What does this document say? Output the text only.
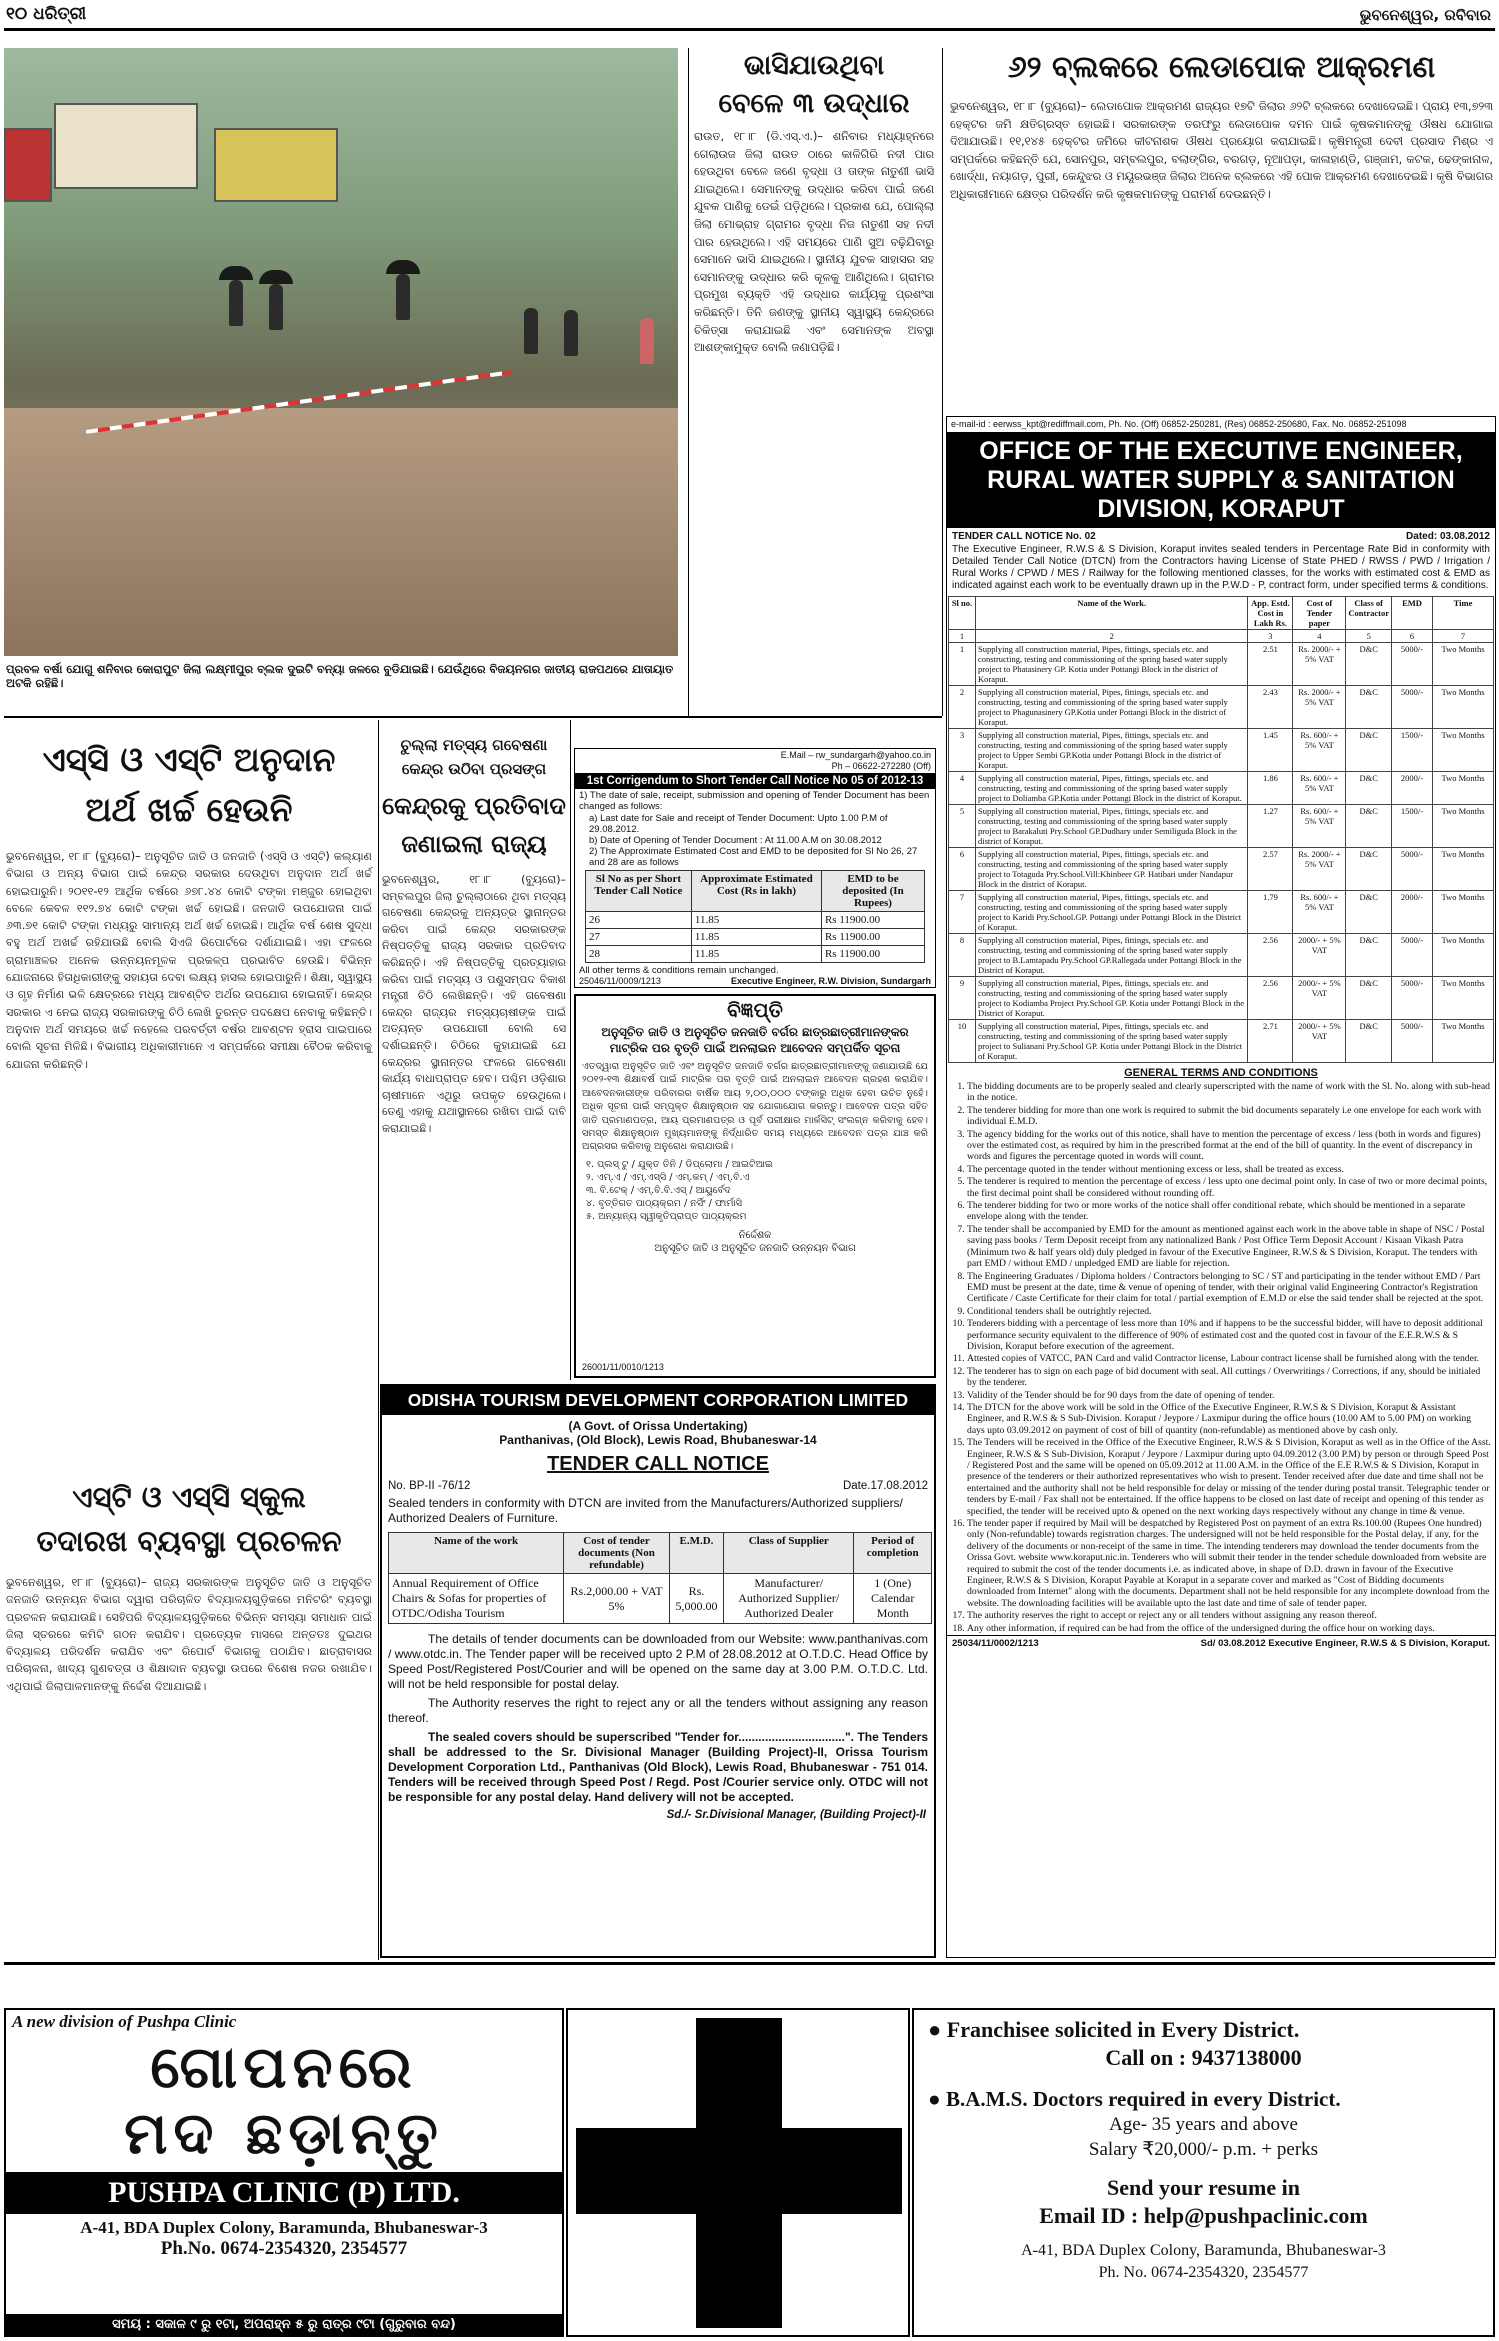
୧୦ ଧରିତ୍ରୀ	ଭୁବନେଶ୍ୱର, ରବିବାର
ପ୍ରବଳ ବର୍ଷା ଯୋଗୁ ଶନିବାର କୋରାପୁଟ ଜିଲା ଲକ୍ଷ୍ମୀପୁର ବ୍ଲକ ଦୁଇଟି ବନ୍ୟା ଜଳରେ ବୁଡିଯାଇଛି। ଯେଉଁଥିରେ ବିଜୟନଗର ଜାତୀୟ ରାଜପଥରେ ଯାତାୟାତ ଅଟକି ରହିଛି।
ଭାସିଯାଉଥିବା
ବେଳେ ୩ ଉଦ୍ଧାର
ରାଉତ, ୧୮।୮ (ଡି.ଏସ୍.ଏ.)– ଶନିବାର ମଧ୍ୟାହ୍ନରେ ଗେଲାଉଜ ଜିଲା ରାଉତ ଠାରେ କାଳିଗିରି ନଦୀ ପାର ହେଉଥିବା ବେଳେ ଜଣେ ବୃଦ୍ଧା ଓ ତାଙ୍କ ନାତୁଣୀ ଭାସି ଯାଇଥିଲେ। ସେମାନଙ୍କୁ ଉଦ୍ଧାର କରିବା ପାଇଁ ଜଣେ ଯୁବକ ପାଣିକୁ ଡେଇଁ ପଡ଼ିଥିଲେ। ପ୍ରକାଶ ଯେ, ପୋଲ୍ଲା ଜିଲା ମୋଭ୍ରାହ ଗ୍ରାମର ବୃଦ୍ଧା ନିଜ ନାତୁଣୀ ସହ ନଦୀ ପାର ହେଉଥିଲେ। ଏହି ସମୟରେ ପାଣି ସୁଅ ବଢ଼ିଯିବାରୁ ସେମାନେ ଭାସି ଯାଇଥିଲେ। ସ୍ଥାନୀୟ ଯୁବକ ସାହାସର ସହ ସେମାନଙ୍କୁ ଉଦ୍ଧାର କରି କୂଳକୁ ଆଣିଥିଲେ। ଗ୍ରାମର ପ୍ରମୁଖ ବ୍ୟକ୍ତି ଏହି ଉଦ୍ଧାର କାର୍ଯ୍ୟକୁ ପ୍ରଶଂସା କରିଛନ୍ତି। ତିନି ଜଣଙ୍କୁ ସ୍ଥାନୀୟ ସ୍ୱାସ୍ଥ୍ୟ କେନ୍ଦ୍ରରେ ଚିକିତ୍ସା କରାଯାଇଛି ଏବଂ ସେମାନଙ୍କ ଅବସ୍ଥା ଆଶଙ୍କାମୁକ୍ତ ବୋଲି ଜଣାପଡ଼ିଛି।
୬୨ ବ୍ଲକରେ ଲେଡାପୋକ ଆକ୍ରମଣ
ଭୁବନେଶ୍ୱର, ୧୮।୮ (ବ୍ୟୁରୋ)– ଲେଡାପୋକ ଆକ୍ରମଣ ରାଜ୍ୟର ୧୭ଟି ଜିଲାର ୬୨ଟି ବ୍ଲକରେ ଦେଖାଦେଇଛି। ପ୍ରାୟ ୧୩,୭୨୩ ହେକ୍ଟର ଜମି କ୍ଷତିଗ୍ରସ୍ତ ହୋଇଛି। ସରକାରଙ୍କ ତରଫରୁ ଲେଡାପୋକ ଦମନ ପାଇଁ କୃଷକମାନଙ୍କୁ ଔଷଧ ଯୋଗାଇ ଦିଆଯାଉଛି। ୧୧,୧୪୫ ହେକ୍ଟର ଜମିରେ କୀଟନାଶକ ଔଷଧ ପ୍ରୟୋଗ କରାଯାଇଛି। କୃଷିମନ୍ତ୍ରୀ ଦେବୀ ପ୍ରସାଦ ମିଶ୍ର ଏ ସମ୍ପର୍କରେ କହିଛନ୍ତି ଯେ, ସୋନପୁର, ସମ୍ବଲପୁର, ବଲାଙ୍ଗିର, ବରଗଡ଼, ନୂଆପଡ଼ା, କାଳାହାଣ୍ଡି, ଗଞ୍ଜାମ, କଟକ, ଢେଙ୍କାନାଳ, ଖୋର୍ଦ୍ଧା, ନୟାଗଡ଼, ପୁରୀ, କେନ୍ଦୁଝର ଓ ମୟୂରଭଞ୍ଜ ଜିଲାର ଅନେକ ବ୍ଲକରେ ଏହି ପୋକ ଆକ୍ରମଣ ଦେଖାଦେଇଛି। କୃଷି ବିଭାଗର ଅଧିକାରୀମାନେ କ୍ଷେତ୍ର ପରିଦର୍ଶନ କରି କୃଷକମାନଙ୍କୁ ପରାମର୍ଶ ଦେଉଛନ୍ତି।
e-mail-id : eerwss_kpt@rediffmail.com, Ph. No. (Off) 06852-250281, (Res) 06852-250680, Fax. No. 06852-251098
OFFICE OF THE EXECUTIVE ENGINEER, RURAL WATER SUPPLY & SANITATION DIVISION, KORAPUT
TENDER CALL NOTICE No. 02	Dated: 03.08.2012
The Executive Engineer, R.W.S & S Division, Koraput invites sealed tenders in Percentage Rate Bid in conformity with Detailed Tender Call Notice (DTCN) from the Contractors having License of State PHED / RWSS / PWD / Irrigation / Rural Works / CPWD / MES / Railway for the following mentioned classes, for the works with estimated cost & EMD as indicated against each work to be eventually drawn up in the P.W.D - P, contract form, under specified terms & conditions.
Sl no.	Name of the Work.	App. Estd. Cost in Lakh Rs.	Cost of Tender paper	Class of Contractor	EMD	Time
1	2	3	4	5	6	7
1	Supplying all construction material, Pipes, fittings, specials etc. and constructing, testing and commissioning of the spring based water supply project to Phatasinery GP. Kotia under Pottangi Block in the district of Koraput.	2.51	Rs. 2000/- + 5% VAT	D&C	5000/-	Two Months
2	Supplying all construction material, Pipes, fittings, specials etc. and constructing, testing and commissioning of the spring based water supply project to Phagunasinery GP.Kotia under Pottangi Block in the district of Koraput.	2.43	Rs. 2000/- + 5% VAT	D&C	5000/-	Two Months
3	Supplying all construction material, Pipes, fittings, specials etc. and constructing, testing and commissioning of the spring based water supply project to Upper Sembi GP.Kotia under Pottangi Block in the district of Koraput.	1.45	Rs. 600/- + 5% VAT	D&C	1500/-	Two Months
4	Supplying all construction material, Pipes, fittings, specials etc. and constructing, testing and commissioning of the spring based water supply project to Doliamba GP.Kotia under Pottangi Block in the district of Koraput.	1.86	Rs. 600/- + 5% VAT	D&C	2000/-	Two Months
5	Supplying all construction material, Pipes, fittings, specials etc. and constructing, testing and commissioning of the spring based water supply project to Barakaluti Pry.School GP.Dudhary under Semiliguda Block in the district of Koraput.	1.27	Rs. 600/- + 5% VAT	D&C	1500/-	Two Months
6	Supplying all construction material, Pipes, fittings, specials etc. and constructing, testing and commissioning of the spring based water supply project to Totaguda Pry.School.Vill:Khinbeer GP. Hatibari under Nandapur Block in the district of Koraput.	2.57	Rs. 2000/- + 5% VAT	D&C	5000/-	Two Months
7	Supplying all construction material, Pipes, fittings, specials etc. and constructing, testing and commissioning of the spring based water supply project to Karidi Pry.School.GP. Pottangi under Pottangi Block in the District of Koraput.	1.79	Rs. 600/- + 5% VAT	D&C	2000/-	Two Months
8	Supplying all construction material, Pipes, fittings, specials etc. and constructing, testing and commissioning of the spring based water supply project to B.Lamtapadu Pry.School GP.Rallegada under Pottangi Block in the District of Koraput.	2.56	2000/- + 5% VAT	D&C	5000/-	Two Months
9	Supplying all construction material, Pipes, fittings, specials etc. and constructing, testing and commissioning of the spring based water supply project to Kodiamba Project Pry.School GP. Kotia under Pottangi Block in the District of Koraput.	2.56	2000/- + 5% VAT	D&C	5000/-	Two Months
10	Supplying all construction material, Pipes, fittings, specials etc. and constructing, testing and commissioning of the spring based water supply project to Sulianani Pry.School GP. Kotia under Pottangi Block in the District of Koraput.	2.71	2000/- + 5% VAT	D&C	5000/-	Two Months
GENERAL TERMS AND CONDITIONS
1. The bidding documents are to be properly sealed and clearly superscripted with the name of work with the Sl. No. along with sub-head in the notice.
2. The tenderer bidding for more than one work is required to submit the bid documents separately i.e one envelope for each work with individual E.M.D.
3. The agency bidding for the works out of this notice, shall have to mention the percentage of excess / less (both in words and figures) over the estimated cost, as required by him in the prescribed format at the end of the bill of quantity. In the event of discrepancy in words and figures the percentage quoted in words will count.
4. The percentage quoted in the tender without mentioning excess or less, shall be treated as excess.
5. The tenderer is required to mention the percentage of excess / less upto one decimal point only. In case of two or more decimal points, the first decimal point shall be considered without rounding off.
6. The tenderer bidding for two or more works of the notice shall offer conditional rebate, which should be mentioned in a separate envelope along with the tender.
7. The tender shall be accompanied by EMD for the amount as mentioned against each work in the above table in shape of NSC / Postal saving pass books / Term Deposit receipt from any nationalized Bank / Post Office Term Deposit Account / Kisaan Vikash Patra (Minimum two & half years old) duly pledged in favour of the Executive Engineer, R.W.S & S Division, Koraput. The tenders with part EMD / without EMD / unpledged EMD are liable for rejection.
8. The Engineering Graduates / Diploma holders / Contractors belonging to SC / ST and participating in the tender without EMD / Part EMD must be present at the date, time & venue of opening of tender, with their original valid Engineering Contractor's Registration Certificate / Caste Certificate for their claim for total / partial exemption of E.M.D or else the said tender shall be rejected at the spot.
9. Conditional tenders shall be outrightly rejected.
10. Tenderers bidding with a percentage of less more than 10% and if happens to be the successful bidder, will have to deposit additional performance security equivalent to the difference of 90% of estimated cost and the quoted cost in favour of the E.E.R.W.S & S Division, Koraput before execution of the agreement.
11. Attested copies of VATCC, PAN Card and valid Contractor license, Labour contract license shall be furnished along with the tender.
12. The tenderer has to sign on each page of bid document with seal. All cuttings / Overwritings / Corrections, if any, should be initialed by the tenderer.
13. Validity of the Tender should be for 90 days from the date of opening of tender.
14. The DTCN for the above work will be sold in the Office of the Executive Engineer, R.W.S & S Division, Koraput & Assistant Engineer, and R.W.S & S Sub-Division. Koraput / Jeypore / Laxmipur during the office hours (10.00 AM to 5.00 PM) on working days upto 03.09.2012 on payment of cost of bill of quantity (non-refundable) as mentioned above by cash only.
15. The Tenders will be received in the Office of the Executive Engineer, R.W.S & S Division, Koraput as well as in the Office of the Asst. Engineer, R.W.S & S Sub-Division, Koraput / Jeypore / Laxmipur during upto 04.09.2012 (3.00 P.M) by person or through Speed Post / Registered Post and the same will be opened on 05.09.2012 at 11.00 A.M. in the Office of the E.E R.W.S & S Division, Koraput in presence of the tenderers or their authorized representatives who wish to present. Tender received after due date and time shall not be entertained and the authority shall not be held responsible for delay or missing of the tender during postal transit. Telegraphic tender or tenders by E-mail / Fax shall not be entertained. If the office happens to be closed on last date of receipt and opening of this tender as specified, the tender will be received upto & opened on the next working days respectively without any change in time & venue.
16. The tender paper if required by Mail will be despatched by Registered Post on payment of an extra Rs.100.00 (Rupees One hundred) only (Non-refundable) towards registration charges. The undersigned will not be held responsible for the Postal delay, if any, for the delivery of the documents or non-receipt of the same in time. The intending tenderers may download the tender documents from the Orissa Govt. website www.koraput.nic.in. Tenderers who will submit their tender in the tender schedule downloaded from website are required to submit the cost of the tender documents i.e. as indicated above, in shape of D.D. drawn in favour of the Executive Engineer, R.W.S & S Division, Koraput Payable at Koraput in a separate cover and marked as "Cost of Bidding documents downloaded from Internet" along with the documents. Department shall not be held responsible for any incomplete download from the website. The downloading facilities will be available upto the last date and time of sale of tender paper.
17. The authority reserves the right to accept or reject any or all tenders without assigning any reason thereof.
18. Any other information, if required can be had from the office of the undersigned during the office hour on working days.
25034/11/0002/1213	Sd/ 03.08.2012 Executive Engineer, R.W.S & S Division, Koraput.
ଏସ୍‌ସି ଓ ଏସ୍‌ଟି ଅନୁଦାନ
ଅର୍ଥ ଖର୍ଚ୍ଚ ହେଉନି
ଭୁବନେଶ୍ୱର, ୧୮।୮ (ବ୍ୟୁରୋ)– ଅନୁସୂଚିତ ଜାତି ଓ ଜନଜାତି (ଏସ୍‌ସି ଓ ଏସ୍‌ଟି) କଲ୍ୟାଣ ବିଭାଗ ଓ ଅନ୍ୟ ବିଭାଗ ପାଇଁ କେନ୍ଦ୍ର ସରକାର ଦେଉଥିବା ଅନୁଦାନ ଅର୍ଥ ଖର୍ଚ୍ଚ ହୋଇପାରୁନି। ୨୦୧୧-୧୨ ଆର୍ଥିକ ବର୍ଷରେ ୬୭୮.୪୪ କୋଟି ଟଙ୍କା ମଞ୍ଜୁର ହୋଇଥିବା ବେଳେ କେବଳ ୧୧୨.୭୪ କୋଟି ଟଙ୍କା ଖର୍ଚ୍ଚ ହୋଇଛି। ଜନଜାତି ଉପଯୋଜନା ପାଇଁ ୬୩.୭୧ କୋଟି ଟଙ୍କା ମଧ୍ୟରୁ ସାମାନ୍ୟ ଅର୍ଥ ଖର୍ଚ୍ଚ ହୋଇଛି। ଆର୍ଥିକ ବର୍ଷ ଶେଷ ସୁଦ୍ଧା ବହୁ ଅର୍ଥ ଅଖର୍ଚ୍ଚ ରହିଯାଉଛି ବୋଲି ସିଏଜି ରିପୋର୍ଟରେ ଦର୍ଶାଯାଇଛି। ଏହା ଫଳରେ ଗ୍ରାମାଞ୍ଚଳର ଅନେକ ଉନ୍ନୟନମୂଳକ ପ୍ରକଳ୍ପ ପ୍ରଭାବିତ ହେଉଛି। ବିଭିନ୍ନ ଯୋଜନାରେ ହିତାଧିକାରୀଙ୍କୁ ସହାୟତା ଦେବା ଲକ୍ଷ୍ୟ ହାସଲ ହୋଇପାରୁନି। ଶିକ୍ଷା, ସ୍ୱାସ୍ଥ୍ୟ ଓ ଗୃହ ନିର୍ମାଣ ଭଳି କ୍ଷେତ୍ରରେ ମଧ୍ୟ ଆବଣ୍ଟିତ ଅର୍ଥର ଉପଯୋଗ ହୋଇନାହିଁ। କେନ୍ଦ୍ର ସରକାର ଏ ନେଇ ରାଜ୍ୟ ସରକାରଙ୍କୁ ଚିଠି ଲେଖି ତୁରନ୍ତ ପଦକ୍ଷେପ ନେବାକୁ କହିଛନ୍ତି। ଅନୁଦାନ ଅର୍ଥ ସମୟରେ ଖର୍ଚ୍ଚ ନହେଲେ ପରବର୍ତ୍ତୀ ବର୍ଷର ଆବଣ୍ଟନ ହ୍ରାସ ପାଇପାରେ ବୋଲି ସୂଚନା ମିଳିଛି। ବିଭାଗୀୟ ଅଧିକାରୀମାନେ ଏ ସମ୍ପର୍କରେ ସମୀକ୍ଷା ବୈଠକ କରିବାକୁ ଯୋଜନା କରିଛନ୍ତି।
ଏସ୍‌ଟି ଓ ଏସ୍‌ସି ସ୍କୁଲ
ତଦାରଖ ବ୍ୟବସ୍ଥା ପ୍ରଚଳନ
ଭୁବନେଶ୍ୱର, ୧୮।୮ (ବ୍ୟୁରୋ)– ରାଜ୍ୟ ସରକାରଙ୍କ ଅନୁସୂଚିତ ଜାତି ଓ ଅନୁସୂଚିତ ଜନଜାତି ଉନ୍ନୟନ ବିଭାଗ ଦ୍ୱାରା ପରିଚାଳିତ ବିଦ୍ୟାଳୟଗୁଡ଼ିକରେ ମନିଟରିଂ ବ୍ୟବସ୍ଥା ପ୍ରଚଳନ କରାଯାଉଛି। ସେହିପରି ବିଦ୍ୟାଳୟଗୁଡ଼ିକରେ ବିଭିନ୍ନ ସମସ୍ୟା ସମାଧାନ ପାଇଁ ଜିଲା ସ୍ତରରେ କମିଟି ଗଠନ କରାଯିବ। ପ୍ରତ୍ୟେକ ମାସରେ ଅନ୍ତତଃ ଦୁଇଥର ବିଦ୍ୟାଳୟ ପରିଦର୍ଶନ କରାଯିବ ଏବଂ ରିପୋର୍ଟ ବିଭାଗକୁ ପଠାଯିବ। ଛାତ୍ରାବାସର ପରିଚାଳନା, ଖାଦ୍ୟ ଗୁଣବତ୍ତା ଓ ଶିକ୍ଷାଦାନ ବ୍ୟବସ୍ଥା ଉପରେ ବିଶେଷ ନଜର ରଖାଯିବ। ଏଥିପାଇଁ ଜିଲାପାଳମାନଙ୍କୁ ନିର୍ଦ୍ଦେଶ ଦିଆଯାଇଛି।
ଚୁଲ୍ଲା ମତ୍ସ୍ୟ ଗବେଷଣା
କେନ୍ଦ୍ର ଉଠିବା ପ୍ରସଙ୍ଗ
କେନ୍ଦ୍ରକୁ ପ୍ରତିବାଦ
ଜଣାଇଲା ରାଜ୍ୟ
ଭୁବନେଶ୍ୱର, ୧୮।୮ (ବ୍ୟୁରୋ)– ସମ୍ବଲପୁର ଜିଲା ଚୁଲ୍ଲାଠାରେ ଥିବା ମତ୍ସ୍ୟ ଗବେଷଣା କେନ୍ଦ୍ରକୁ ଅନ୍ୟତ୍ର ସ୍ଥାନାନ୍ତର କରିବା ପାଇଁ କେନ୍ଦ୍ର ସରକାରଙ୍କ ନିଷ୍ପତ୍ତିକୁ ରାଜ୍ୟ ସରକାର ପ୍ରତିବାଦ କରିଛନ୍ତି। ଏହି ନିଷ୍ପତ୍ତିକୁ ପ୍ରତ୍ୟାହାର କରିବା ପାଇଁ ମତ୍ସ୍ୟ ଓ ପଶୁସମ୍ପଦ ବିକାଶ ମନ୍ତ୍ରୀ ଚିଠି ଲେଖିଛନ୍ତି। ଏହି ଗବେଷଣା କେନ୍ଦ୍ର ରାଜ୍ୟର ମତ୍ସ୍ୟଚାଷୀଙ୍କ ପାଇଁ ଅତ୍ୟନ୍ତ ଉପଯୋଗୀ ବୋଲି ସେ ଦର୍ଶାଇଛନ୍ତି। ଚିଠିରେ କୁହାଯାଇଛି ଯେ କେନ୍ଦ୍ରର ସ୍ଥାନାନ୍ତର ଫଳରେ ଗବେଷଣା କାର୍ଯ୍ୟ ବାଧାପ୍ରାପ୍ତ ହେବ। ପଶ୍ଚିମ ଓଡ଼ିଶାର ଚାଷୀମାନେ ଏଥିରୁ ଉପକୃତ ହେଉଥିଲେ। ତେଣୁ ଏହାକୁ ଯଥାସ୍ଥାନରେ ରଖିବା ପାଇଁ ଦାବି କରାଯାଇଛି।
E.Mail – rw_sundargarh@yahoo.co.in
Ph – 06622-272280 (Off)
1st Corrigendum to Short Tender Call Notice No 05 of 2012-13
1) The date of sale, receipt, submission and opening of Tender Document has been changed as follows:
a) Last date for Sale and receipt of Tender Document: Upto 1.00 P.M of 29.08.2012.
b) Date of Opening of Tender Document : At 11.00 A.M on 30.08.2012
2) The Approximate Estimated Cost and EMD to be deposited for Sl No 26, 27 and 28 are as follows
Sl No as per Short Tender Call Notice	Approximate Estimated Cost (Rs in lakh)	EMD to be deposited (In Rupees)
26	11.85	Rs 11900.00
27	11.85	Rs 11900.00
28	11.85	Rs 11900.00
All other terms & conditions remain unchanged.
25046/11/0009/1213	Executive Engineer, R.W. Division, Sundargarh
ବିଜ୍ଞପ୍ତି
ଅନୁସୂଚିତ ଜାତି ଓ ଅନୁସୂଚିତ ଜନଜାତି ବର୍ଗର ଛାତ୍ରଛାତ୍ରୀମାନଙ୍କର ମାଟ୍ରିକ ପର ବୃତ୍ତି ପାଇଁ ଅନଲାଇନ ଆବେଦନ ସମ୍ପର୍କିତ ସୂଚନା
ଏତଦ୍ୱାରା ଅନୁସୂଚିତ ଜାତି ଏବଂ ଅନୁସୂଚିତ ଜନଜାତି ବର୍ଗର ଛାତ୍ରଛାତ୍ରୀମାନଙ୍କୁ ଜଣାଯାଉଛି ଯେ ୨୦୧୨-୧୩ ଶିକ୍ଷାବର୍ଷ ପାଇଁ ମାଟ୍ରିକ ପର ବୃତ୍ତି ପାଇଁ ଅନଲାଇନ ଆବେଦନ ଗ୍ରହଣ କରାଯିବ। ଆବେଦନକାରୀଙ୍କ ପରିବାରର ବାର୍ଷିକ ଆୟ ୨,୦୦,୦୦୦ ଟଙ୍କାରୁ ଅଧିକ ହେବା ଉଚିତ ନୁହେଁ। ଅଧିକ ସୂଚନା ପାଇଁ ସମ୍ପୃକ୍ତ ଶିକ୍ଷାନୁଷ୍ଠାନ ସହ ଯୋଗାଯୋଗ କରନ୍ତୁ। ଆବେଦନ ପତ୍ର ସହିତ ଜାତି ପ୍ରମାଣପତ୍ର, ଆୟ ପ୍ରମାଣପତ୍ର ଓ ପୂର୍ବ ପରୀକ୍ଷାର ମାର୍କସିଟ୍ ସଂଲଗ୍ନ କରିବାକୁ ହେବ। ସମସ୍ତ ଶିକ୍ଷାନୁଷ୍ଠାନ ମୁଖ୍ୟମାନଙ୍କୁ ନିର୍ଦ୍ଧାରିତ ସମୟ ମଧ୍ୟରେ ଆବେଦନ ପତ୍ର ଯାଞ୍ଚ କରି ଅଗ୍ରସର କରିବାକୁ ଅନୁରୋଧ କରାଯାଉଛି।
୧. ପ୍ଲସ୍ ଟୁ / ଯୁକ୍ତ ତିନି / ଡିପ୍ଲୋମା / ଆଇଟିଆଇ
୨. ଏମ୍.ଏ / ଏମ୍.ଏସ୍‌ସି / ଏମ୍.କମ୍ / ଏମ୍.ବି.ଏ
୩. ବି.ଟେକ୍ / ଏମ୍.ବି.ବି.ଏସ୍ / ଆୟୁର୍ବେଦ
୪. ବୃତ୍ତିଗତ ପାଠ୍ୟକ୍ରମ / ନର୍ସିଂ / ଫାର୍ମାସି
୫. ଅନ୍ୟାନ୍ୟ ସ୍ୱୀକୃତିପ୍ରାପ୍ତ ପାଠ୍ୟକ୍ରମ
ନିର୍ଦ୍ଦେଶକ
ଅନୁସୂଚିତ ଜାତି ଓ ଅନୁସୂଚିତ ଜନଜାତି ଉନ୍ନୟନ ବିଭାଗ
26001/11/0010/1213
ODISHA TOURISM DEVELOPMENT CORPORATION LIMITED
(A Govt. of Orissa Undertaking)
Panthanivas, (Old Block), Lewis Road, Bhubaneswar-14
TENDER CALL NOTICE
No. BP-II -76/12	Date.17.08.2012
Sealed tenders in conformity with DTCN are invited from the Manufacturers/Authorized suppliers/ Authorized Dealers of Furniture.
Name of the work	Cost of tender documents (Non refundable)	E.M.D.	Class of Supplier	Period of completion
Annual Requirement of Office Chairs & Sofas for properties of OTDC/Odisha Tourism	Rs.2,000.00 + VAT 5%	Rs. 5,000.00	Manufacturer/ Authorized Supplier/ Authorized Dealer	1 (One) Calendar Month
The details of tender documents can be downloaded from our Website: www.panthanivas.com / www.otdc.in. The Tender paper will be received upto 2 P.M of 28.08.2012 at O.T.D.C. Head Office by Speed Post/Registered Post/Courier and will be opened on the same day at 3.00 P.M. O.T.D.C. Ltd. will not be held responsible for postal delay.
The Authority reserves the right to reject any or all the tenders without assigning any reason thereof.
The sealed covers should be superscribed "Tender for................................". The Tenders shall be addressed to the Sr. Divisional Manager (Building Project)-II, Orissa Tourism Development Corporation Ltd., Panthanivas (Old Block), Lewis Road, Bhubaneswar - 751 014. Tenders will be received through Speed Post / Regd. Post /Courier service only. OTDC will not be responsible for any postal delay. Hand delivery will not be accepted.
Sd./- Sr.Divisional Manager, (Building Project)-II
A new division of Pushpa Clinic
ଗୋପନରେ
ମଦ ଛଡ଼ାନ୍ତୁ
PUSHPA CLINIC (P) LTD.
A-41, BDA Duplex Colony, Baramunda, Bhubaneswar-3
Ph.No. 0674-2354320, 2354577
ସମୟ : ସକାଳ ୯ ରୁ ୧ଟା, ଅପରାହ୍ନ ୫ ରୁ ରାତ୍ର ୯ଟା (ଗୁରୁବାର ବନ୍ଦ)
● Franchisee solicited in Every District.
Call on : 9437138000
● B.A.M.S. Doctors required in every District.
Age- 35 years and above
Salary ₹20,000/- p.m. + perks
Send your resume in
Email ID : help@pushpaclinic.com
A-41, BDA Duplex Colony, Baramunda, Bhubaneswar-3
Ph. No. 0674-2354320, 2354577
